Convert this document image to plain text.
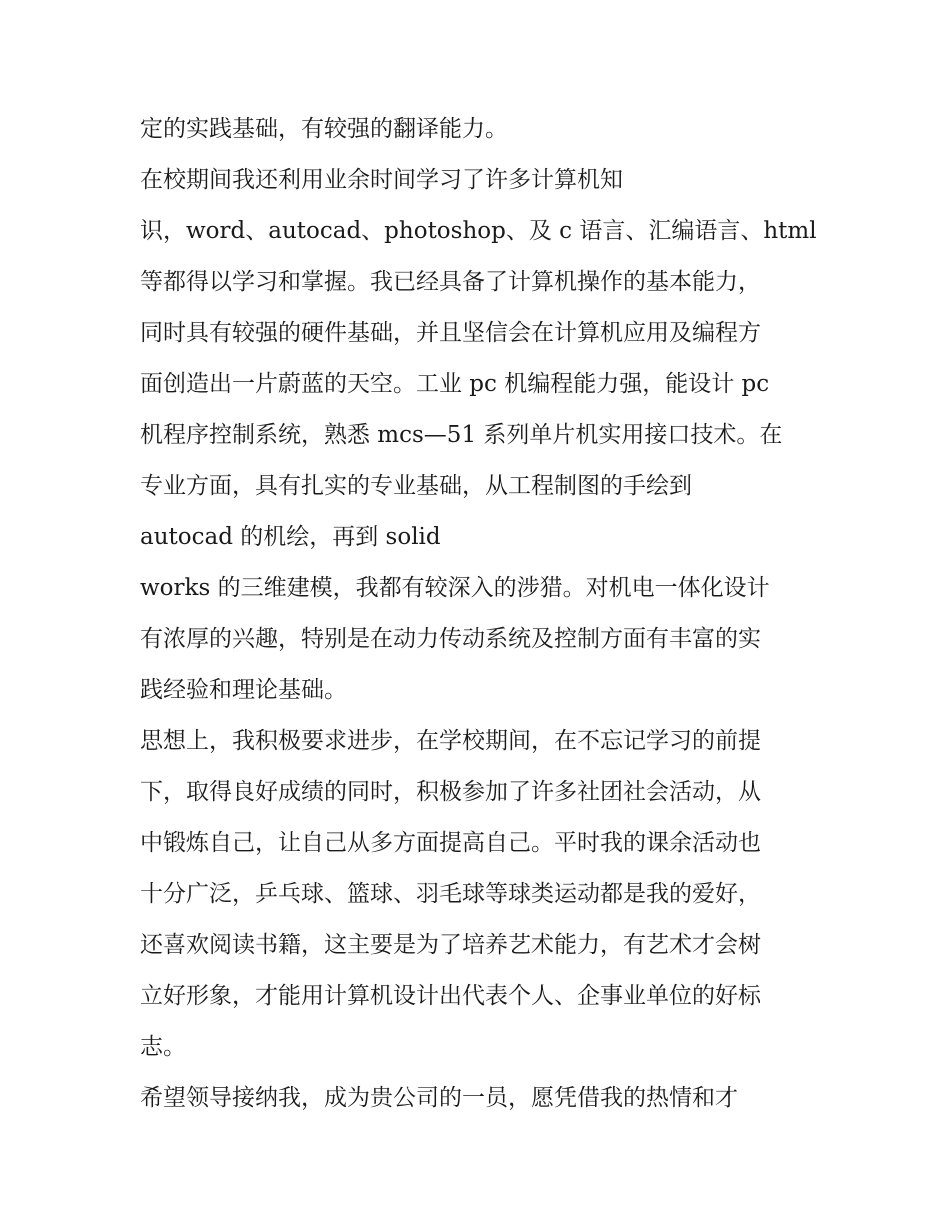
定的实践基础，有较强的翻译能力。

在校期间我还利用业余时间学习了许多计算机知

识，word、autocad、photoshop、及 c 语言、汇编语言、html

等都得以学习和掌握。我已经具备了计算机操作的基本能力，

同时具有较强的硬件基础，并且坚信会在计算机应用及编程方

面创造出一片蔚蓝的天空。工业 pc 机编程能力强，能设计 pc

机程序控制系统，熟悉 mcs—51 系列单片机实用接口技术。在

专业方面，具有扎实的专业基础，从工程制图的手绘到

autocad 的机绘，再到 solid

works 的三维建模，我都有较深入的涉猎。对机电一体化设计

有浓厚的兴趣，特别是在动力传动系统及控制方面有丰富的实

践经验和理论基础。

思想上，我积极要求进步，在学校期间，在不忘记学习的前提

下，取得良好成绩的同时，积极参加了许多社团社会活动，从

中锻炼自己，让自己从多方面提高自己。平时我的课余活动也

十分广泛，乒乓球、篮球、羽毛球等球类运动都是我的爱好，

还喜欢阅读书籍，这主要是为了培养艺术能力，有艺术才会树

立好形象，才能用计算机设计出代表个人、企事业单位的好标

志。

希望领导接纳我，成为贵公司的一员，愿凭借我的热情和才
